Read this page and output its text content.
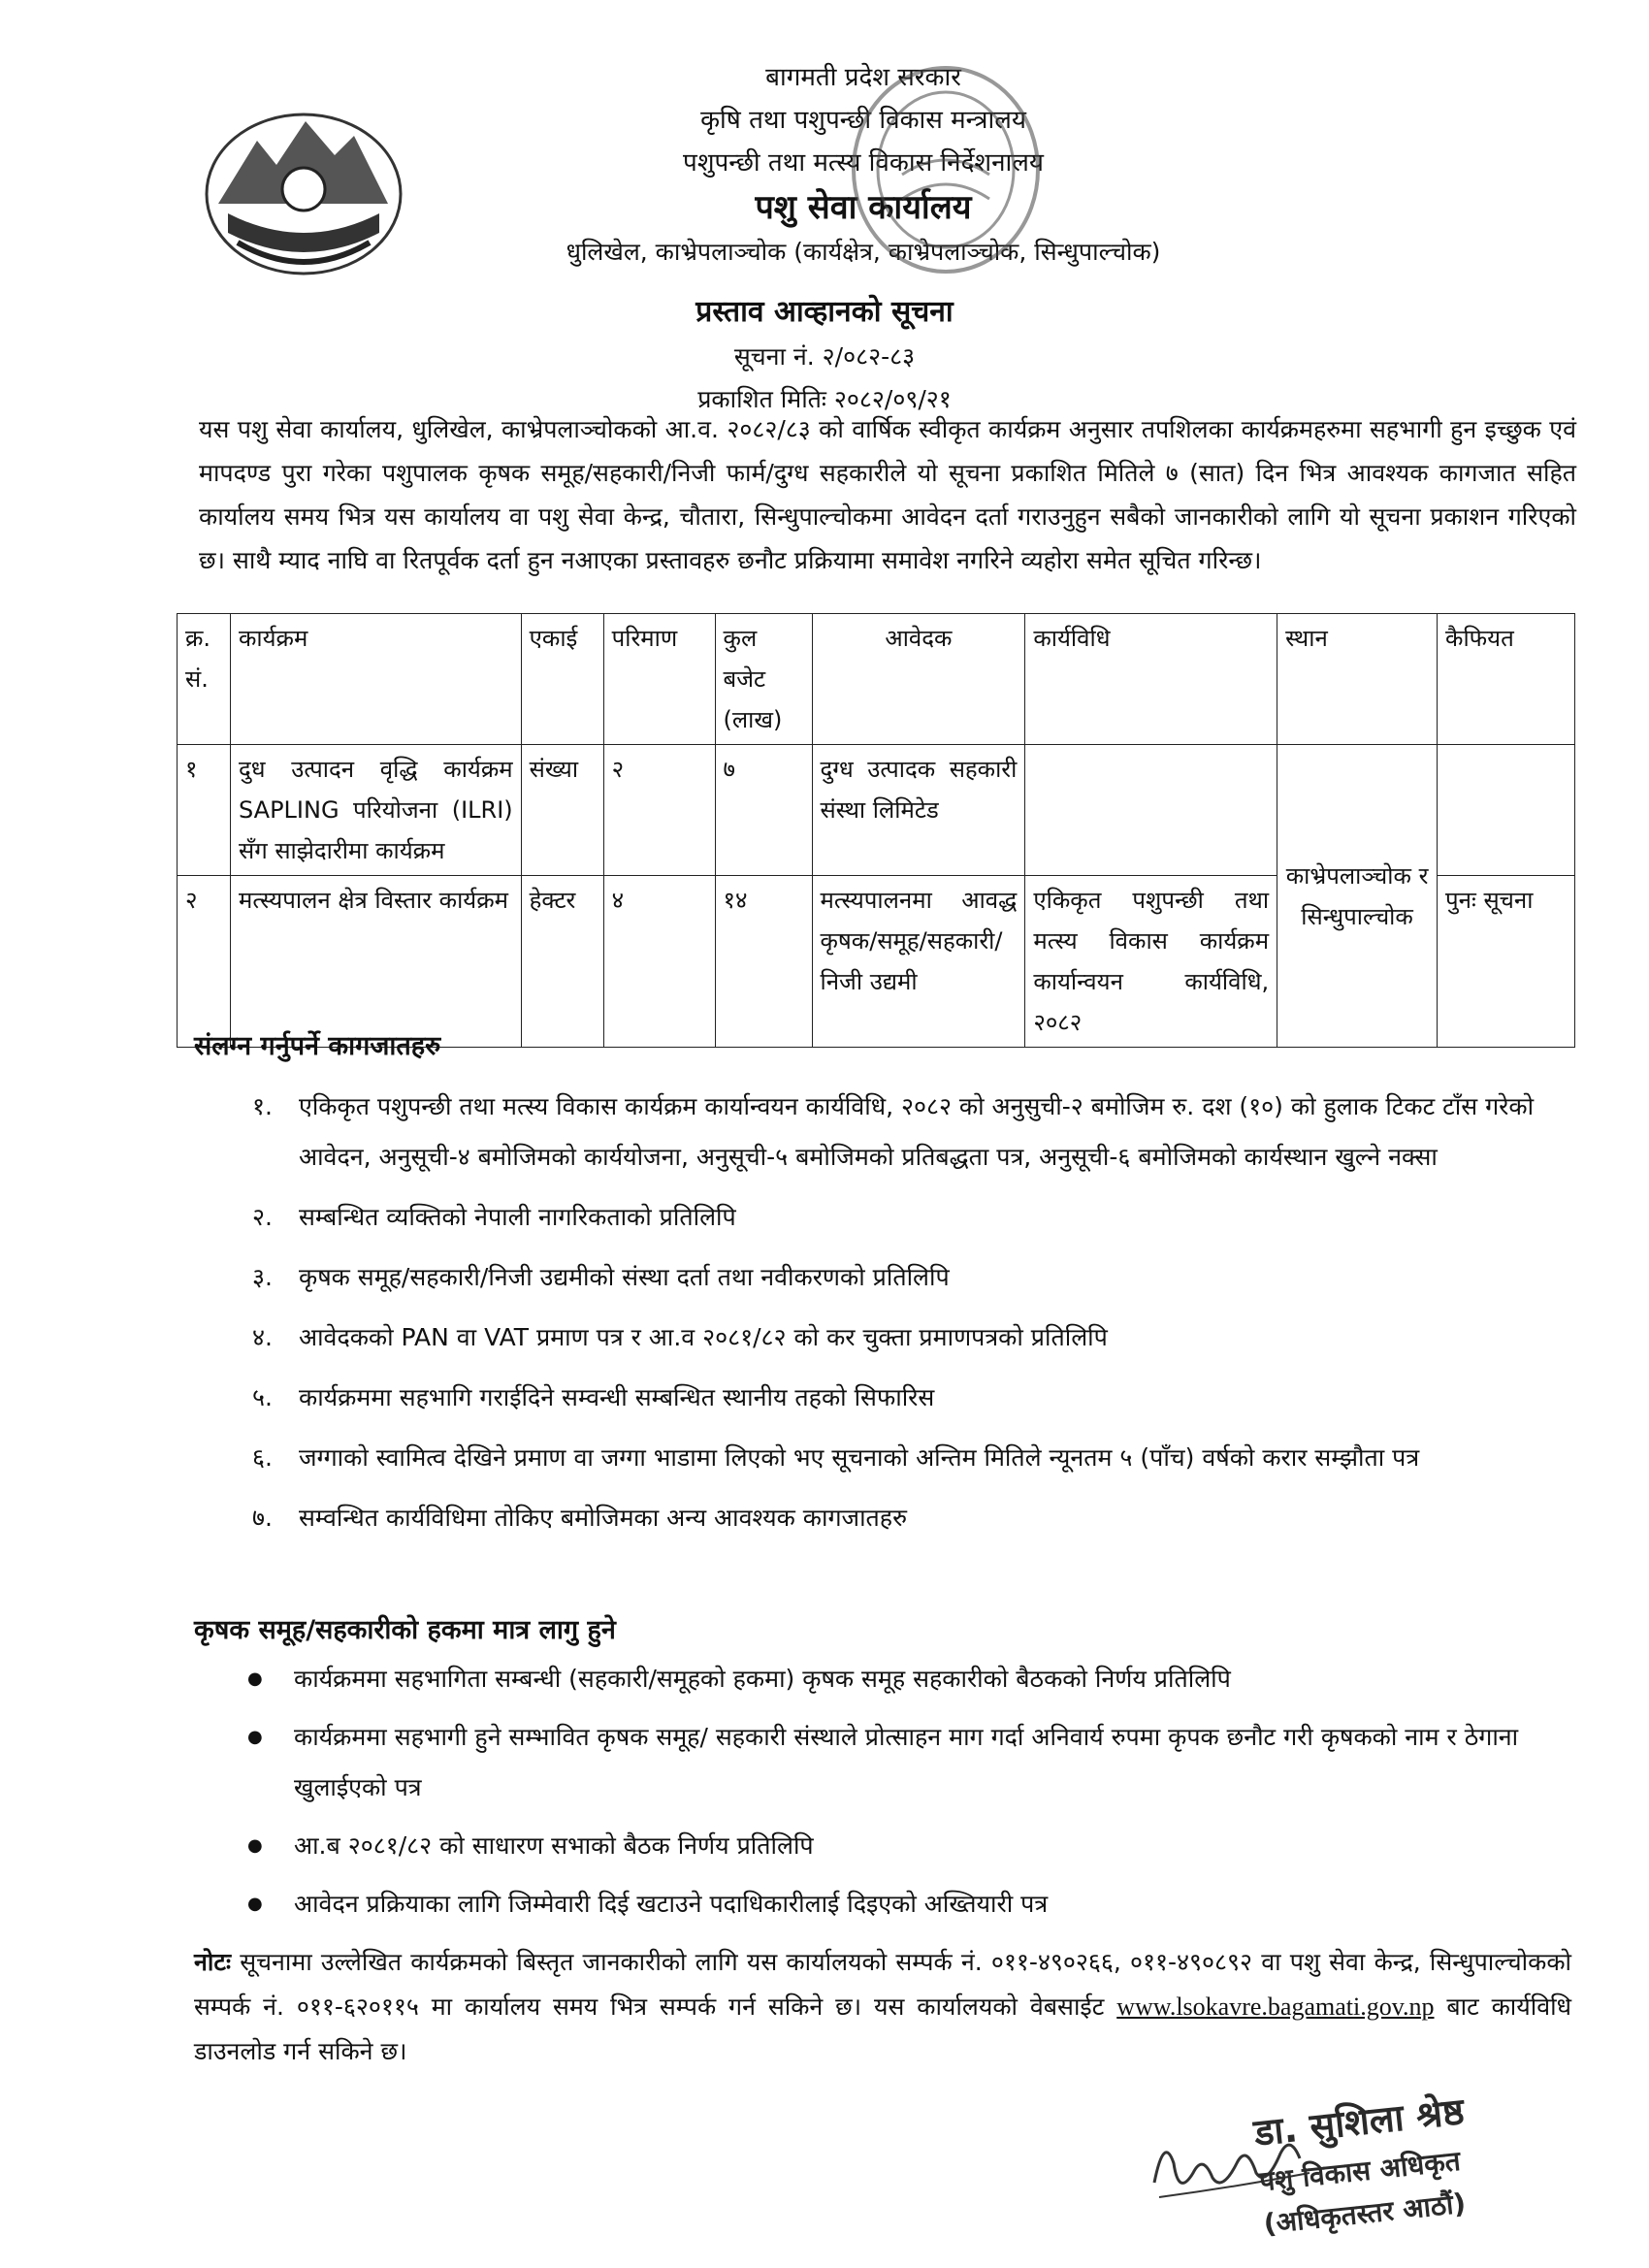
बागमती प्रदेश सरकार
कृषि तथा पशुपन्छी विकास मन्त्रालय
पशुपन्छी तथा मत्स्य विकास निर्देशनालय
पशु सेवा कार्यालय
धुलिखेल, काभ्रेपलाञ्चोक (कार्यक्षेत्र, काभ्रेपलाञ्चोक, सिन्धुपाल्चोक)
प्रस्ताव आव्हानको सूचना
सूचना नं. २/०८२-८३
प्रकाशित मितिः २०८२/०९/२१
यस पशु सेवा कार्यालय, धुलिखेल, काभ्रेपलाञ्चोकको आ.व. २०८२/८३ को वार्षिक स्वीकृत कार्यक्रम अनुसार तपशिलका कार्यक्रमहरुमा सहभागी हुन इच्छुक एवं मापदण्ड पुरा गरेका पशुपालक कृषक समूह/सहकारी/निजी फार्म/दुग्ध सहकारीले यो सूचना प्रकाशित मितिले ७ (सात) दिन भित्र आवश्यक कागजात सहित कार्यालय समय भित्र यस कार्यालय वा पशु सेवा केन्द्र, चौतारा, सिन्धुपाल्चोकमा आवेदन दर्ता गराउनुहुन सबैको जानकारीको लागि यो सूचना प्रकाशन गरिएको छ। साथै म्याद नाघि वा रितपूर्वक दर्ता हुन नआएका प्रस्तावहरु छनौट प्रक्रियामा समावेश नगरिने व्यहोरा समेत सूचित गरिन्छ।
क्र. सं.	कार्यक्रम	एकाई	परिमाण	कुल बजेट (लाख)	आवेदक	कार्यविधि	स्थान	कैफियत
१	दुध उत्पादन वृद्धि कार्यक्रम SAPLING परियोजना (ILRI) सँग साझेदारीमा कार्यक्रम	संख्या	२	७	दुग्ध उत्पादक सहकारी संस्था लिमिटेड		काभ्रेपलाञ्चोक र सिन्धुपाल्चोक	
२	मत्स्यपालन क्षेत्र विस्तार कार्यक्रम	हेक्टर	४	१४	मत्स्यपालनमा आवद्ध कृषक/समूह/सहकारी/निजी उद्यमी	एकिकृत पशुपन्छी तथा मत्स्य विकास कार्यक्रम कार्यान्वयन कार्यविधि, २०८२		पुनः सूचना
संलग्न गर्नुपर्ने कागजातहरु
१.	एकिकृत पशुपन्छी तथा मत्स्य विकास कार्यक्रम कार्यान्वयन कार्यविधि, २०८२ को अनुसुची-२ बमोजिम रु. दश (१०) को हुलाक टिकट टाँस गरेको आवेदन, अनुसूची-४ बमोजिमको कार्ययोजना, अनुसूची-५ बमोजिमको प्रतिबद्धता पत्र, अनुसूची-६ बमोजिमको कार्यस्थान खुल्ने नक्सा
२.	सम्बन्धित व्यक्तिको नेपाली नागरिकताको प्रतिलिपि
३.	कृषक समूह/सहकारी/निजी उद्यमीको संस्था दर्ता तथा नवीकरणको प्रतिलिपि
४.	आवेदकको PAN वा VAT प्रमाण पत्र र आ.व २०८१/८२ को कर चुक्ता प्रमाणपत्रको प्रतिलिपि
५.	कार्यक्रममा सहभागि गराईदिने सम्वन्धी सम्बन्धित स्थानीय तहको सिफारिस
६.	जग्गाको स्वामित्व देखिने प्रमाण वा जग्गा भाडामा लिएको भए सूचनाको अन्तिम मितिले न्यूनतम ५ (पाँच) वर्षको करार सम्झौता पत्र
७.	सम्वन्धित कार्यविधिमा तोकिए बमोजिमका अन्य आवश्यक कागजातहरु
कृषक समूह/सहकारीको हकमा मात्र लागु हुने
●	कार्यक्रममा सहभागिता सम्बन्धी (सहकारी/समूहको हकमा) कृषक समूह सहकारीको बैठकको निर्णय प्रतिलिपि
●	कार्यक्रममा सहभागी हुने सम्भावित कृषक समूह/ सहकारी संस्थाले प्रोत्साहन माग गर्दा अनिवार्य रुपमा कृपक छनौट गरी कृषकको नाम र ठेगाना खुलाईएको पत्र
●	आ.ब २०८१/८२ को साधारण सभाको बैठक निर्णय प्रतिलिपि
●	आवेदन प्रक्रियाका लागि जिम्मेवारी दिई खटाउने पदाधिकारीलाई दिइएको अख्तियारी पत्र
नोटः सूचनामा उल्लेखित कार्यक्रमको बिस्तृत जानकारीको लागि यस कार्यालयको सम्पर्क नं. ०११-४९०२६६, ०११-४९०८९२ वा पशु सेवा केन्द्र, सिन्धुपाल्चोकको सम्पर्क नं. ०११-६२०११५ मा कार्यालय समय भित्र सम्पर्क गर्न सकिने छ। यस कार्यालयको वेबसाईट www.lsokavre.bagamati.gov.np बाट कार्यविधि डाउनलोड गर्न सकिने छ।
डा. सुशिला श्रेष्ठ
पशु विकास अधिकृत
(अधिकृतस्तर आठौं)
